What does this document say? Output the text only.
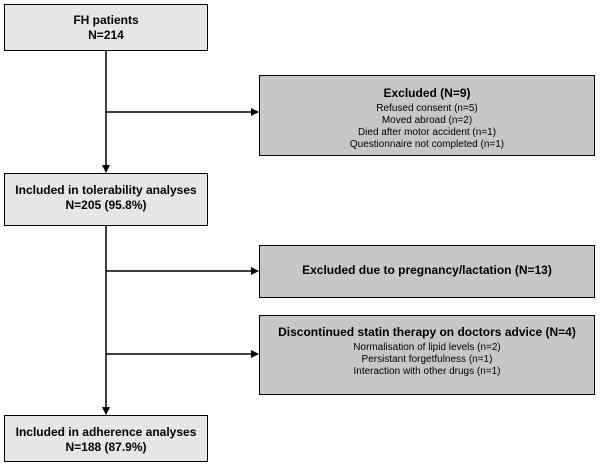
FH patients
N=214
Excluded (N=9)
Refused consent (n=5)
Moved abroad (n=2)
Died after motor accident (n=1)
Questionnaire not completed (n=1)
Included in tolerability analyses
N=205 (95.8%)
Excluded due to pregnancy/lactation (N=13)
Discontinued statin therapy on doctors advice (N=4)
Normalisation of lipid levels (n=2)
Persistant forgetfulness (n=1)
Interaction with other drugs (n=1)
Included in adherence analyses
N=188 (87.9%)
